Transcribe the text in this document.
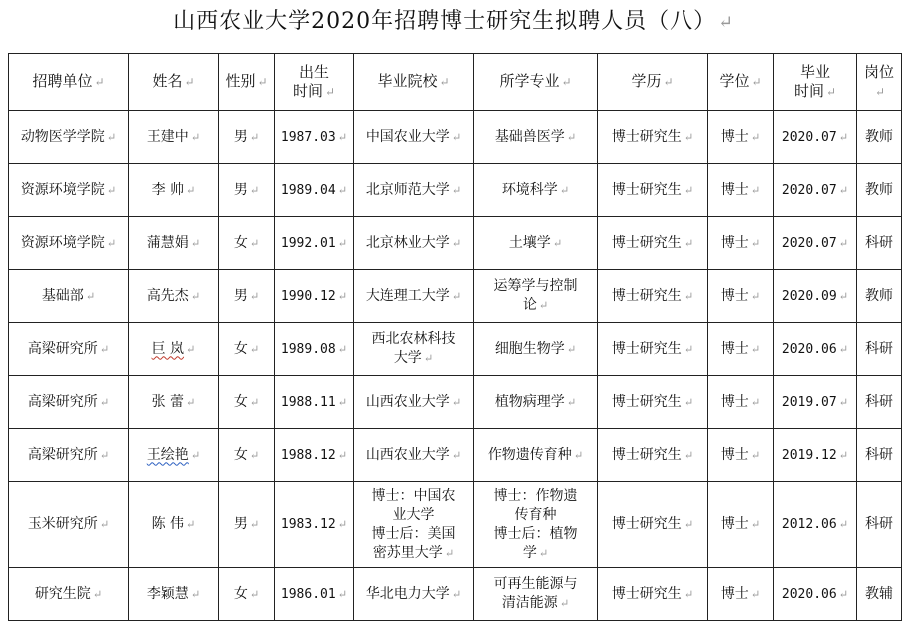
山西农业大学2020年招聘博士研究生拟聘人员（八） ↵
招聘单位 ↵	姓名 ↵	性别 ↵	出生
时间 ↵	毕业院校 ↵	所学专业 ↵	学历 ↵	学位 ↵	毕业
时间 ↵	岗位↵
动物医学学院 ↵	王建中 ↵	男 ↵	1987.03 ↵	中国农业大学 ↵	基础兽医学 ↵	博士研究生 ↵	博士 ↵	2020.07 ↵	教师
资源环境学院 ↵	李 帅 ↵	男 ↵	1989.04 ↵	北京师范大学 ↵	环境科学 ↵	博士研究生 ↵	博士 ↵	2020.07 ↵	教师
资源环境学院 ↵	蒲慧娟 ↵	女 ↵	1992.01 ↵	北京林业大学 ↵	土壤学 ↵	博士研究生 ↵	博士 ↵	2020.07 ↵	科研
基础部 ↵	高先杰 ↵	男 ↵	1990.12 ↵	大连理工大学 ↵	运筹学与控制
论 ↵	博士研究生 ↵	博士 ↵	2020.09 ↵	教师
高梁研究所 ↵	巨 岚 ↵	女 ↵	1989.08 ↵	西北农林科技
大学 ↵	细胞生物学 ↵	博士研究生 ↵	博士 ↵	2020.06 ↵	科研
高梁研究所 ↵	张 蕾 ↵	女 ↵	1988.11 ↵	山西农业大学 ↵	植物病理学 ↵	博士研究生 ↵	博士 ↵	2019.07 ↵	科研
高梁研究所 ↵	王绘艳 ↵	女 ↵	1988.12 ↵	山西农业大学 ↵	作物遗传育种 ↵	博士研究生 ↵	博士 ↵	2019.12 ↵	科研
玉米研究所 ↵	陈 伟 ↵	男 ↵	1983.12 ↵	博士：中国农
业大学
博士后：美国
密苏里大学 ↵	博士：作物遗
传育种
博士后：植物
学 ↵	博士研究生 ↵	博士 ↵	2012.06 ↵	科研
研究生院 ↵	李颖慧 ↵	女 ↵	1986.01 ↵	华北电力大学 ↵	可再生能源与
清洁能源 ↵	博士研究生 ↵	博士 ↵	2020.06 ↵	教辅
